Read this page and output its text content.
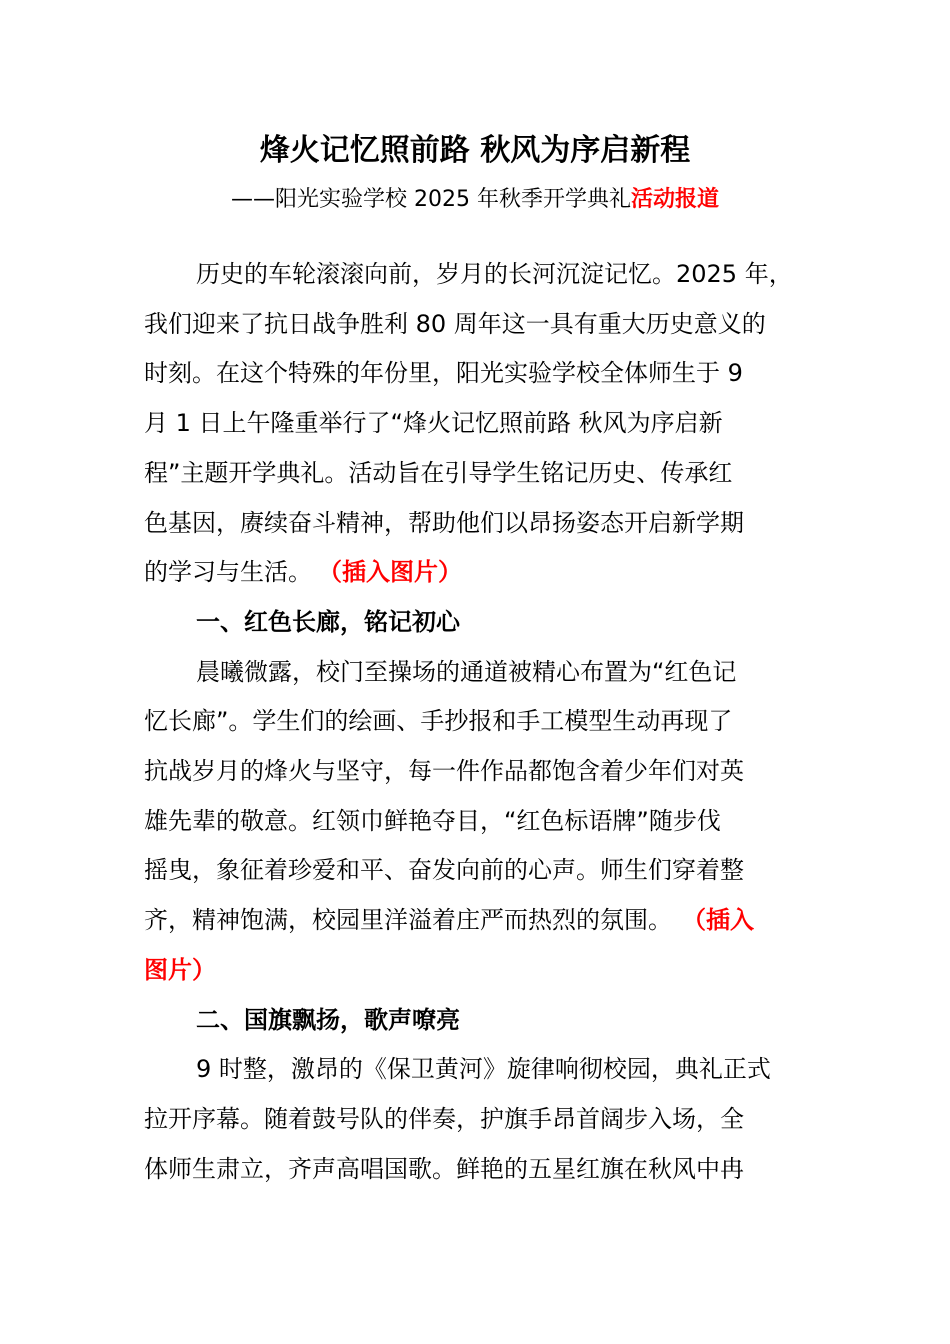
烽火记忆照前路 秋风为序启新程
——阳光实验学校 2025 年秋季开学典礼活动报道
历史的车轮滚滚向前，岁月的长河沉淀记忆。2025 年，
我们迎来了抗日战争胜利 80 周年这一具有重大历史意义的
时刻。在这个特殊的年份里，阳光实验学校全体师生于 9
月 1 日上午隆重举行了“烽火记忆照前路 秋风为序启新
程”主题开学典礼。活动旨在引导学生铭记历史、传承红
色基因，赓续奋斗精神，帮助他们以昂扬姿态开启新学期
的学习与生活。 （插入图片）
一、红色长廊，铭记初心
晨曦微露，校门至操场的通道被精心布置为“红色记
忆长廊”。学生们的绘画、手抄报和手工模型生动再现了
抗战岁月的烽火与坚守，每一件作品都饱含着少年们对英
雄先辈的敬意。红领巾鲜艳夺目，“红色标语牌”随步伐
摇曳，象征着珍爱和平、奋发向前的心声。师生们穿着整
齐，精神饱满，校园里洋溢着庄严而热烈的氛围。 （插入
图片）
二、国旗飘扬，歌声嘹亮
9 时整，激昂的《保卫黄河》旋律响彻校园，典礼正式
拉开序幕。随着鼓号队的伴奏，护旗手昂首阔步入场，全
体师生肃立，齐声高唱国歌。鲜艳的五星红旗在秋风中冉
